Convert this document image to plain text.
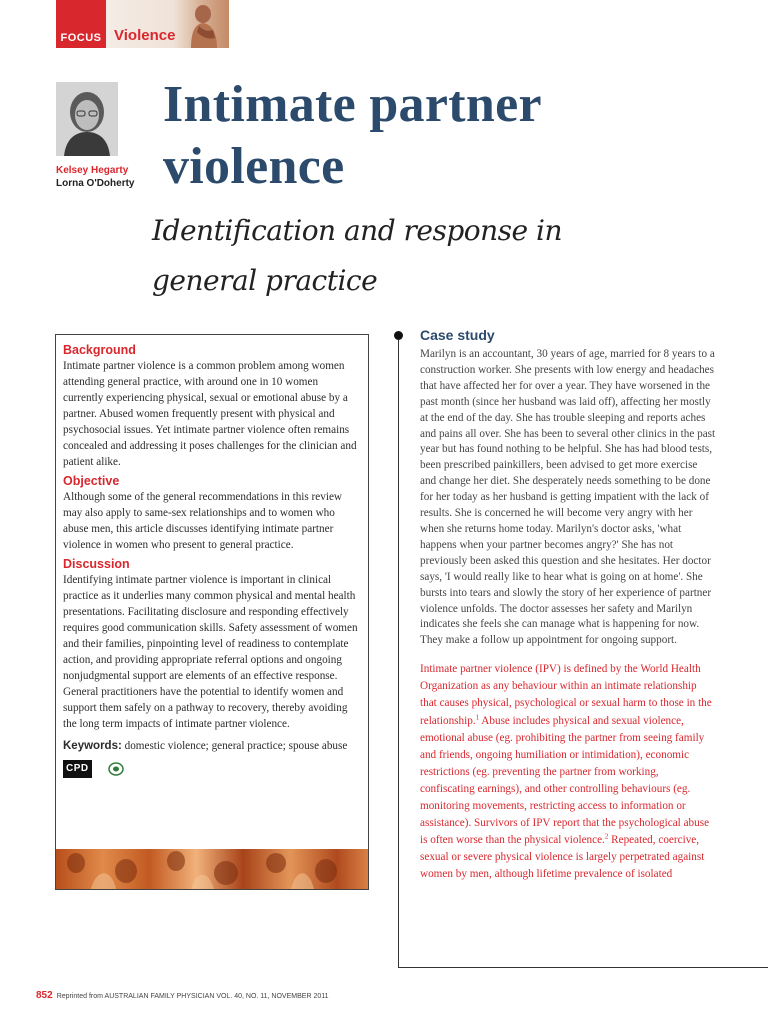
FOCUS Violence
Kelsey Hegarty
Lorna O'Doherty
Intimate partner violence
Identification and response in general practice
Background
Intimate partner violence is a common problem among women attending general practice, with around one in 10 women currently experiencing physical, sexual or emotional abuse by a partner. Abused women frequently present with physical and psychosocial issues. Yet intimate partner violence often remains concealed and addressing it poses challenges for the clinician and patient alike.
Objective
Although some of the general recommendations in this review may also apply to same-sex relationships and to women who abuse men, this article discusses identifying intimate partner violence in women who present to general practice.
Discussion
Identifying intimate partner violence is important in clinical practice as it underlies many common physical and mental health presentations. Facilitating disclosure and responding effectively requires good communication skills. Safety assessment of women and their families, pinpointing level of readiness to contemplate action, and providing appropriate referral options and ongoing nonjudgmental support are elements of an effective response. General practitioners have the potential to identify women and support them safely on a pathway to recovery, thereby avoiding the long term impacts of intimate partner violence.
Keywords: domestic violence; general practice; spouse abuse
CPD
Case study

Marilyn is an accountant, 30 years of age, married for 8 years to a construction worker. She presents with low energy and headaches that have affected her for over a year. They have worsened in the past month (since her husband was laid off), affecting her mostly at the end of the day. She has trouble sleeping and reports aches and pains all over. She has been to several other clinics in the past year but has found nothing to be helpful. She has had blood tests, been prescribed painkillers, been advised to get more exercise and change her diet. She desperately needs something to be done for her today as her husband is getting impatient with the lack of results. She is concerned he will become very angry with her when she returns home today. Marilyn's doctor asks, 'what happens when your partner becomes angry?' She has not previously been asked this question and she hesitates. Her doctor says, 'I would really like to hear what is going on at home'. She bursts into tears and slowly the story of her experience of partner violence unfolds. The doctor assesses her safety and Marilyn indicates she feels she can manage what is happening for now. They make a follow up appointment for ongoing support.

Intimate partner violence (IPV) is defined by the World Health Organization as any behaviour within an intimate relationship that causes physical, psychological or sexual harm to those in the relationship.$^1$ Abuse includes physical and sexual violence, emotional abuse (eg. prohibiting the partner from seeing family and friends, ongoing humiliation or intimidation), economic restrictions (eg. preventing the partner from working, confiscating earnings), and other controlling behaviours (eg. monitoring movements, restricting access to information or assistance). Survivors of IPV report that the psychological abuse is often worse than the physical violence.$^2$ Repeated, coercive, sexual or severe physical violence is largely perpetrated against women by men, although lifetime prevalence of isolated

852 Reprinted from AUSTRALIAN FAMILY PHYSICIAN VOL. 40, NO. 11, NOVEMBER 2011
